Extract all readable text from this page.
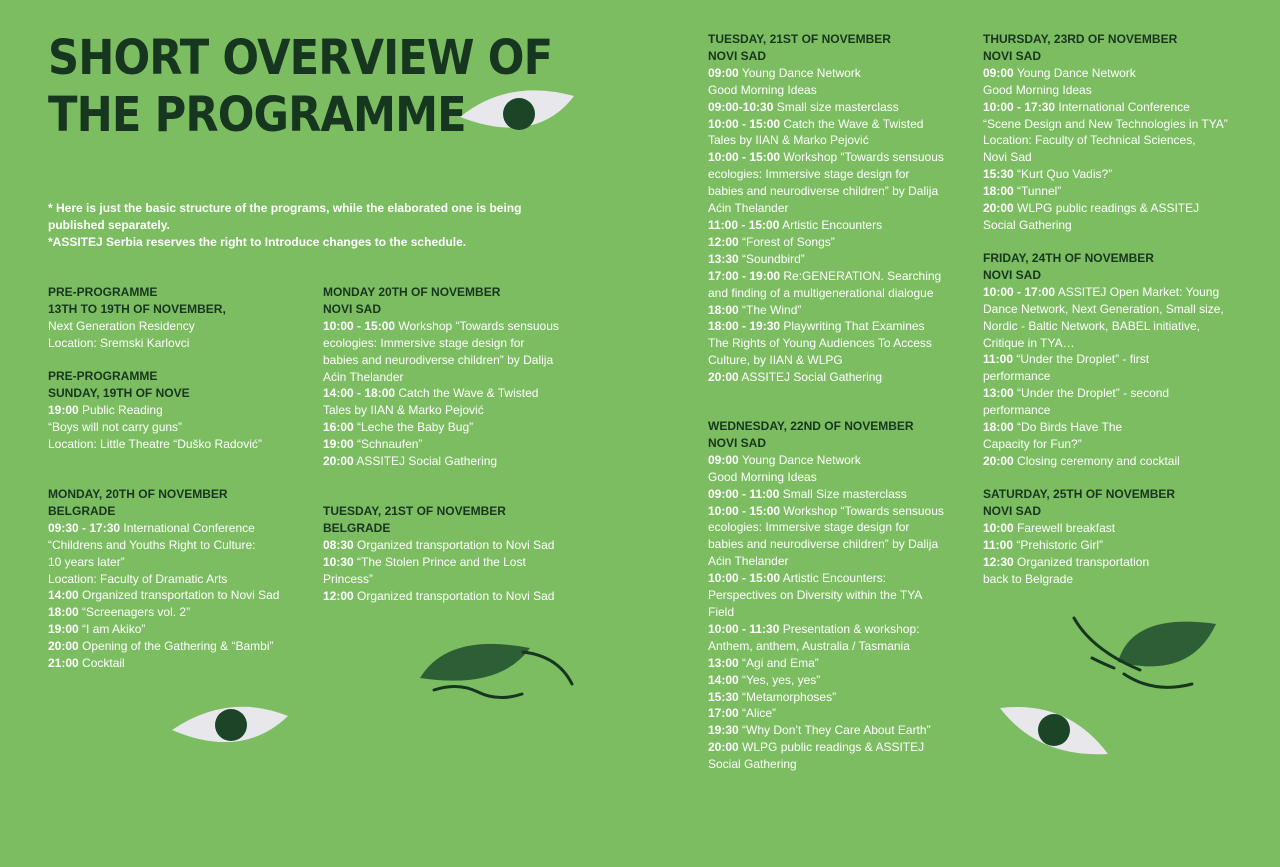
SHORT OVERVIEW OF
THE PROGRAMME

* Here is just the basic structure of the programs, while the elaborated one is being published separately.

*ASSITEJ Serbia reserves the right to Introduce changes to the schedule.

PRE-PROGRAMME
13TH TO 19TH OF NOVEMBER,
Next Generation Residency
Location: Sremski Karlovci
PRE-PROGRAMME
SUNDAY, 19TH OF NOVE
19:00 Public Reading
“Boys will not carry guns”
Location: Little Theatre “Duško Radović”
MONDAY, 20TH OF NOVEMBER
BELGRADE
09:30 - 17:30 International Conference
“Childrens and Youths Right to Culture:
10 years later”
Location: Faculty of Dramatic Arts
14:00 Organized transportation to Novi Sad
18:00 “Screenagers vol. 2”
19:00 “I am Akiko”
20:00 Opening of the Gathering & “Bambi”
21:00 Cocktail
MONDAY 20TH OF NOVEMBER
NOVI SAD
10:00 - 15:00 Workshop “Towards sensuous
ecologies: Immersive stage design for
babies and neurodiverse children” by Dalija
Aćin Thelander
14:00 - 18:00 Catch the Wave & Twisted
Tales by IIAN & Marko Pejović
16:00 “Leche the Baby Bug”
19:00 “Schnaufen”
20:00 ASSITEJ Social Gathering
TUESDAY, 21ST OF NOVEMBER
BELGRADE
08:30 Organized transportation to Novi Sad
10:30 “The Stolen Prince and the Lost
Princess”
12:00 Organized transportation to Novi Sad
TUESDAY, 21ST OF NOVEMBER
NOVI SAD
09:00 Young Dance Network
Good Morning Ideas
09:00-10:30 Small size masterclass
10:00 - 15:00 Catch the Wave & Twisted
Tales by IIAN & Marko Pejović
10:00 - 15:00 Workshop “Towards sensuous
ecologies: Immersive stage design for
babies and neurodiverse children” by Dalija
Aćin Thelander
11:00 - 15:00 Artistic Encounters
12:00 “Forest of Songs”
13:30 “Soundbird”
17:00 - 19:00 Re:GENERATION. Searching
and finding of a multigenerational dialogue
18:00 “The Wind”
18:00 - 19:30 Playwriting That Examines
The Rights of Young Audiences To Access
Culture, by IIAN & WLPG
20:00 ASSITEJ Social Gathering
WEDNESDAY, 22ND OF NOVEMBER
NOVI SAD
09:00 Young Dance Network
Good Morning Ideas
09:00 - 11:00 Small Size masterclass
10:00 - 15:00 Workshop “Towards sensuous
ecologies: Immersive stage design for
babies and neurodiverse children” by Dalija
Aćin Thelander
10:00 - 15:00 Artistic Encounters:
Perspectives on Diversity within the TYA
Field
10:00 - 11:30 Presentation & workshop:
Anthem, anthem, Australia / Tasmania
13:00 “Agi and Ema”
14:00 “Yes, yes, yes”
15:30 “Metamorphoses”
17:00 “Alice”
19:30 “Why Don’t They Care About Earth”
20:00 WLPG public readings & ASSITEJ
Social Gathering
THURSDAY, 23RD OF NOVEMBER
NOVI SAD
09:00 Young Dance Network
Good Morning Ideas
10:00 - 17:30 International Conference
“Scene Design and New Technologies in TYA”
Location: Faculty of Technical Sciences,
Novi Sad
15:30 “Kurt Quo Vadis?”
18:00 “Tunnel”
20:00 WLPG public readings & ASSITEJ
Social Gathering
FRIDAY, 24TH OF NOVEMBER
NOVI SAD
10:00 - 17:00 ASSITEJ Open Market: Young
Dance Network, Next Generation, Small size,
Nordic - Baltic Network, BABEL initiative,
Critique in TYA…
11:00 “Under the Droplet” - first
performance
13:00 “Under the Droplet” - second
performance
18:00 “Do Birds Have The
Capacity for Fun?”
20:00 Closing ceremony and cocktail
SATURDAY, 25TH OF NOVEMBER
NOVI SAD
10:00 Farewell breakfast
11:00 “Prehistoric Girl”
12:30 Organized transportation
back to Belgrade
